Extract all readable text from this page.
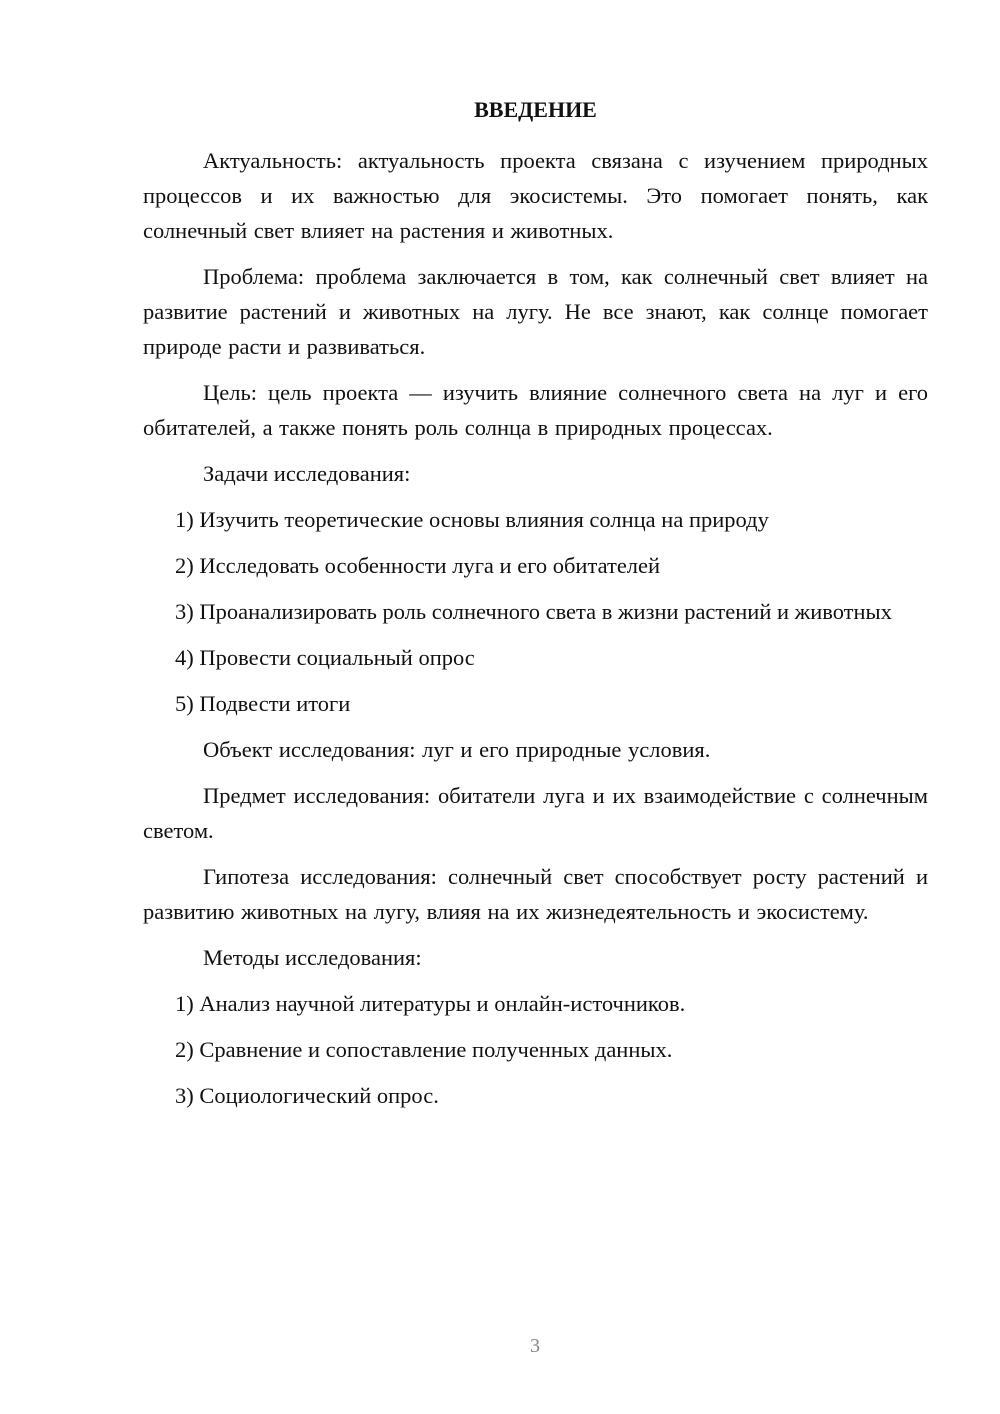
ВВЕДЕНИЕ

Актуальность: актуальность проекта связана с изучением природных процессов и их важностью для экосистемы. Это помогает понять, как солнечный свет влияет на растения и животных.

Проблема: проблема заключается в том, как солнечный свет влияет на развитие растений и животных на лугу. Не все знают, как солнце помогает природе расти и развиваться.

Цель: цель проекта — изучить влияние солнечного света на луг и его обитателей, а также понять роль солнца в природных процессах.

Задачи исследования:
1) Изучить теоретические основы влияния солнца на природу
2) Исследовать особенности луга и его обитателей
3) Проанализировать роль солнечного света в жизни растений и животных
4) Провести социальный опрос
5) Подвести итоги

Объект исследования: луг и его природные условия.

Предмет исследования: обитатели луга и их взаимодействие с солнечным светом.

Гипотеза исследования: солнечный свет способствует росту растений и развитию животных на лугу, влияя на их жизнедеятельность и экосистему.

Методы исследования:
1) Анализ научной литературы и онлайн-источников.
2) Сравнение и сопоставление полученных данных.
3) Социологический опрос.
3
